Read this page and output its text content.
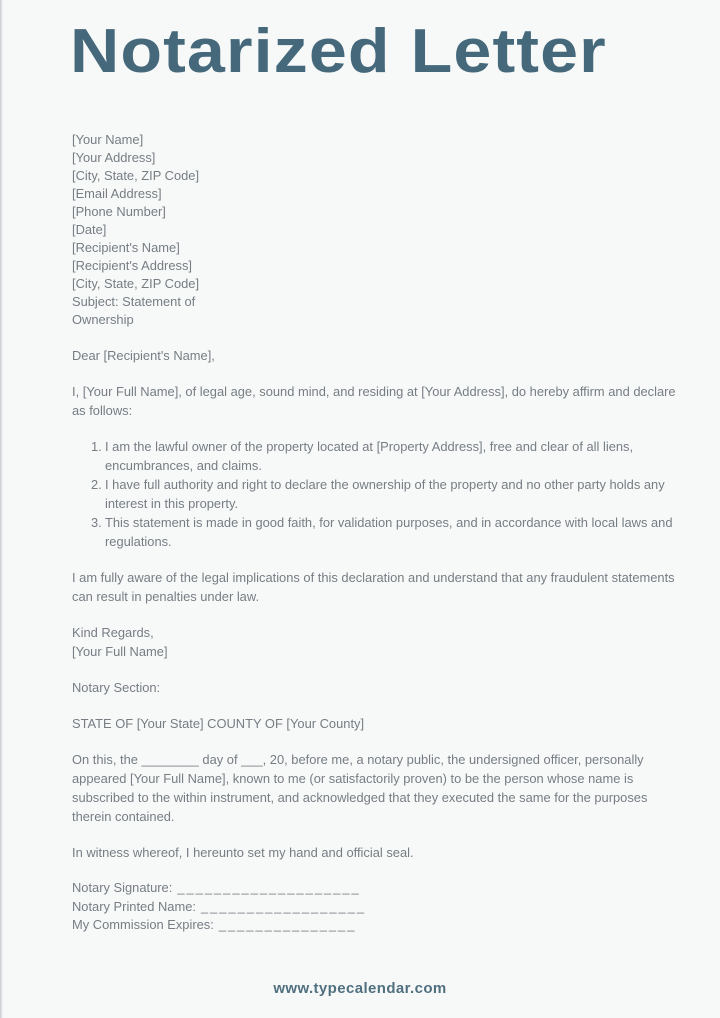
Notarized Letter
[Your Name]
[Your Address]
[City, State, ZIP Code]
[Email Address]
[Phone Number]
[Date]
[Recipient's Name]
[Recipient's Address]
[City, State, ZIP Code]
Subject: Statement of Ownership

Dear [Recipient's Name],

I, [Your Full Name], of legal age, sound mind, and residing at [Your Address], do hereby affirm and declare as follows:

I am the lawful owner of the property located at [Property Address], free and clear of all liens, encumbrances, and claims.
I have full authority and right to declare the ownership of the property and no other party holds any interest in this property.
This statement is made in good faith, for validation purposes, and in accordance with local laws and regulations.

I am fully aware of the legal implications of this declaration and understand that any fraudulent statements can result in penalties under law.

Kind Regards,
[Your Full Name]

Notary Section:

STATE OF [Your State] COUNTY OF [Your County]

On this, the ________ day of ___, 20, before me, a notary public, the undersigned officer, personally appeared [Your Full Name], known to me (or satisfactorily proven) to be the person whose name is subscribed to the within instrument, and acknowledged that they executed the same for the purposes therein contained.

In witness whereof, I hereunto set my hand and official seal.

Notary Signature: ____________________
Notary Printed Name: __________________
My Commission Expires: _______________
www.typecalendar.com
